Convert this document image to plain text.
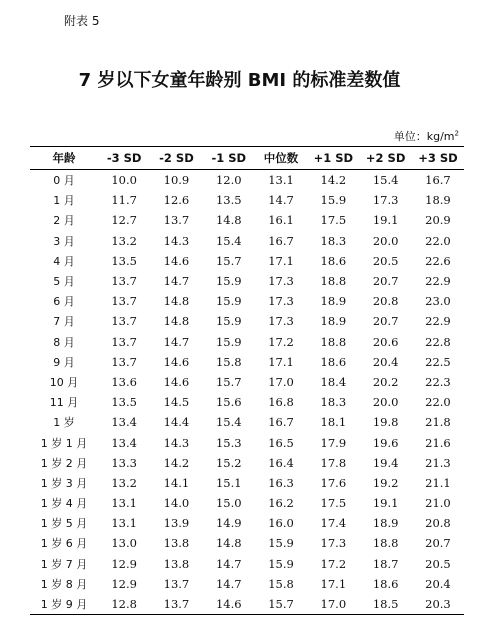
附表 5
7 岁以下女童年龄别 BMI 的标准差数值
单位：$kg/m^2$
年龄	-3 SD	-2 SD	-1 SD	中位数	+1 SD	+2 SD	+3 SD
0 月	10.0	10.9	12.0	13.1	14.2	15.4	16.7
1 月	11.7	12.6	13.5	14.7	15.9	17.3	18.9
2 月	12.7	13.7	14.8	16.1	17.5	19.1	20.9
3 月	13.2	14.3	15.4	16.7	18.3	20.0	22.0
4 月	13.5	14.6	15.7	17.1	18.6	20.5	22.6
5 月	13.7	14.7	15.9	17.3	18.8	20.7	22.9
6 月	13.7	14.8	15.9	17.3	18.9	20.8	23.0
7 月	13.7	14.8	15.9	17.3	18.9	20.7	22.9
8 月	13.7	14.7	15.9	17.2	18.8	20.6	22.8
9 月	13.7	14.6	15.8	17.1	18.6	20.4	22.5
10 月	13.6	14.6	15.7	17.0	18.4	20.2	22.3
11 月	13.5	14.5	15.6	16.8	18.3	20.0	22.0
1 岁	13.4	14.4	15.4	16.7	18.1	19.8	21.8
1 岁 1 月	13.4	14.3	15.3	16.5	17.9	19.6	21.6
1 岁 2 月	13.3	14.2	15.2	16.4	17.8	19.4	21.3
1 岁 3 月	13.2	14.1	15.1	16.3	17.6	19.2	21.1
1 岁 4 月	13.1	14.0	15.0	16.2	17.5	19.1	21.0
1 岁 5 月	13.1	13.9	14.9	16.0	17.4	18.9	20.8
1 岁 6 月	13.0	13.8	14.8	15.9	17.3	18.8	20.7
1 岁 7 月	12.9	13.8	14.7	15.9	17.2	18.7	20.5
1 岁 8 月	12.9	13.7	14.7	15.8	17.1	18.6	20.4
1 岁 9 月	12.8	13.7	14.6	15.7	17.0	18.5	20.3
